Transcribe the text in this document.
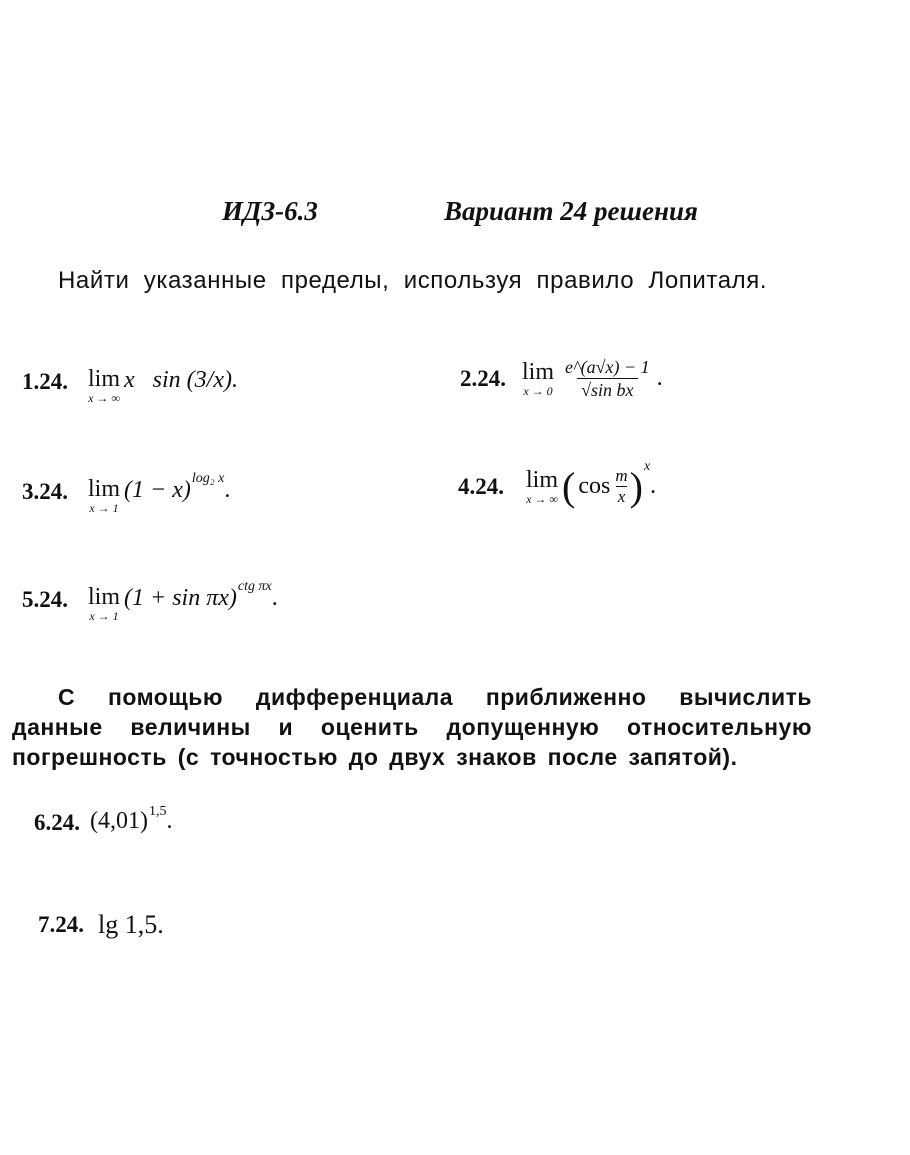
ИДЗ-6.3	Вариант 24 решения
Найти указанные пределы, используя правило Лопиталя.
1.24. lim
x → ∞
x   sin (3/x).	2.24. lim
$x \to 0 \frac{e\^{}(a√x) - 1}{\text{√sin bx}}$ .
3.24. lim
x → 1
(1 − x) log₂ x .	4.24. lim
x → ∞ ( $\cos \frac{m}{x}$ ) x
.
5.24. lim
x → 1
(1 + sin πx) ctg πx .
С помощью дифференциала приближенно вычислить данные величины и оценить допущенную относительную погрешность (с точностью до двух знаков после запятой).
6.24. (4,01) 1,5 .
7.24. lg 1,5.
